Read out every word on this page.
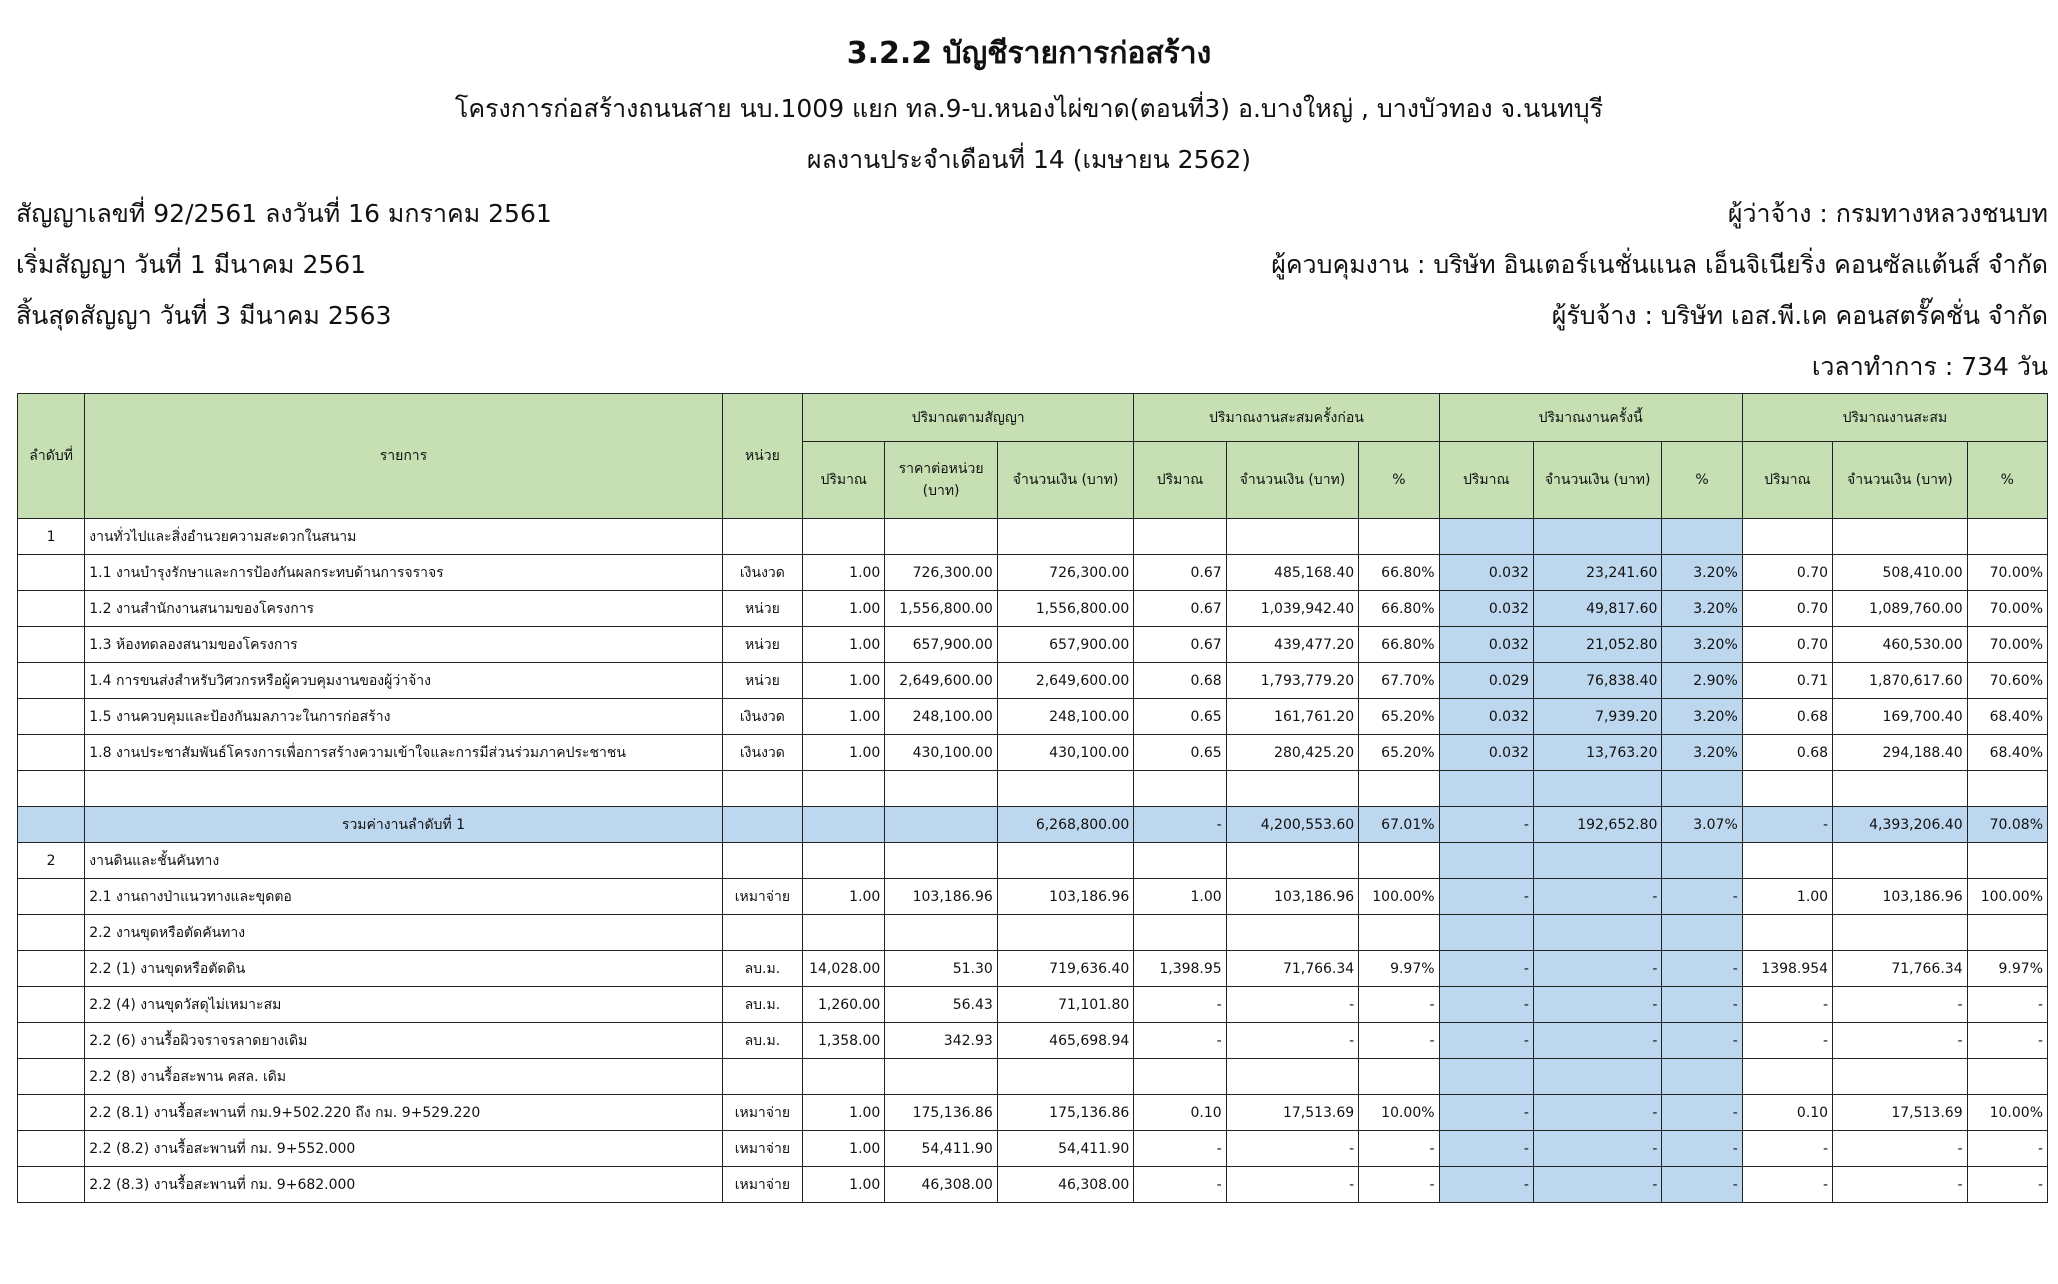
3.2.2 บัญชีรายการก่อสร้าง
โครงการก่อสร้างถนนสาย นบ.1009 แยก ทล.9-บ.หนองไผ่ขาด(ตอนที่3) อ.บางใหญ่ , บางบัวทอง จ.นนทบุรี
ผลงานประจำเดือนที่ 14 (เมษายน 2562)
สัญญาเลขที่ 92/2561 ลงวันที่ 16 มกราคม 2561
เริ่มสัญญา วันที่ 1 มีนาคม 2561
สิ้นสุดสัญญา วันที่ 3 มีนาคม 2563
ผู้ว่าจ้าง : กรมทางหลวงชนบท
ผู้ควบคุมงาน : บริษัท อินเตอร์เนชั่นแนล เอ็นจิเนียริ่ง คอนซัลแต้นส์ จำกัด
ผู้รับจ้าง : บริษัท เอส.พี.เค คอนสตรั๊คชั่น จำกัด
เวลาทำการ : 734 วัน
ลำดับที่	รายการ	หน่วย	ปริมาณตามสัญญา			ปริมาณงานสะสมครั้งก่อน			ปริมาณงานครั้งนี้			ปริมาณงานสะสม		
			ปริมาณ	ราคาต่อหน่วย (บาท)	จำนวนเงิน (บาท)	ปริมาณ	จำนวนเงิน (บาท)	%	ปริมาณ	จำนวนเงิน (บาท)	%	ปริมาณ	จำนวนเงิน (บาท)	%
1	งานทั่วไปและสิ่งอำนวยความสะดวกในสนาม													
	1.1 งานบำรุงรักษาและการป้องกันผลกระทบด้านการจราจร	เงินงวด	1.00	726,300.00	726,300.00	0.67	485,168.40	66.80%	0.032	23,241.60	3.20%	0.70	508,410.00	70.00%
	1.2 งานสำนักงานสนามของโครงการ	หน่วย	1.00	1,556,800.00	1,556,800.00	0.67	1,039,942.40	66.80%	0.032	49,817.60	3.20%	0.70	1,089,760.00	70.00%
	1.3 ห้องทดลองสนามของโครงการ	หน่วย	1.00	657,900.00	657,900.00	0.67	439,477.20	66.80%	0.032	21,052.80	3.20%	0.70	460,530.00	70.00%
	1.4 การขนส่งสำหรับวิศวกรหรือผู้ควบคุมงานของผู้ว่าจ้าง	หน่วย	1.00	2,649,600.00	2,649,600.00	0.68	1,793,779.20	67.70%	0.029	76,838.40	2.90%	0.71	1,870,617.60	70.60%
	1.5 งานควบคุมและป้องกันมลภาวะในการก่อสร้าง	เงินงวด	1.00	248,100.00	248,100.00	0.65	161,761.20	65.20%	0.032	7,939.20	3.20%	0.68	169,700.40	68.40%
	1.8 งานประชาสัมพันธ์โครงการเพื่อการสร้างความเข้าใจและการมีส่วนร่วมภาคประชาชน	เงินงวด	1.00	430,100.00	430,100.00	0.65	280,425.20	65.20%	0.032	13,763.20	3.20%	0.68	294,188.40	68.40%

	รวมค่างานลำดับที่ 1				6,268,800.00	-	4,200,553.60	67.01%	-	192,652.80	3.07%	-	4,393,206.40	70.08%
2	งานดินและชั้นคันทาง													
	2.1 งานถางป่าแนวทางและขุดตอ	เหมาจ่าย	1.00	103,186.96	103,186.96	1.00	103,186.96	100.00%	-	-	-	1.00	103,186.96	100.00%
	2.2 งานขุดหรือตัดคันทาง													
	2.2 (1) งานขุดหรือตัดดิน	ลบ.ม.	14,028.00	51.30	719,636.40	1,398.95	71,766.34	9.97%	-	-	-	1398.954	71,766.34	9.97%
	2.2 (4) งานขุดวัสดุไม่เหมาะสม	ลบ.ม.	1,260.00	56.43	71,101.80	-	-	-	-	-	-	-	-	-
	2.2 (6) งานรื้อผิวจราจรลาดยางเดิม	ลบ.ม.	1,358.00	342.93	465,698.94	-	-	-	-	-	-	-	-	-
	2.2 (8) งานรื้อสะพาน คสล. เดิม													
	2.2 (8.1) งานรื้อสะพานที่ กม.9+502.220 ถึง กม. 9+529.220	เหมาจ่าย	1.00	175,136.86	175,136.86	0.10	17,513.69	10.00%	-	-	-	0.10	17,513.69	10.00%
	2.2 (8.2) งานรื้อสะพานที่ กม. 9+552.000	เหมาจ่าย	1.00	54,411.90	54,411.90	-	-	-	-	-	-	-	-	-
	2.2 (8.3) งานรื้อสะพานที่ กม. 9+682.000	เหมาจ่าย	1.00	46,308.00	46,308.00	-	-	-	-	-	-	-	-	-
